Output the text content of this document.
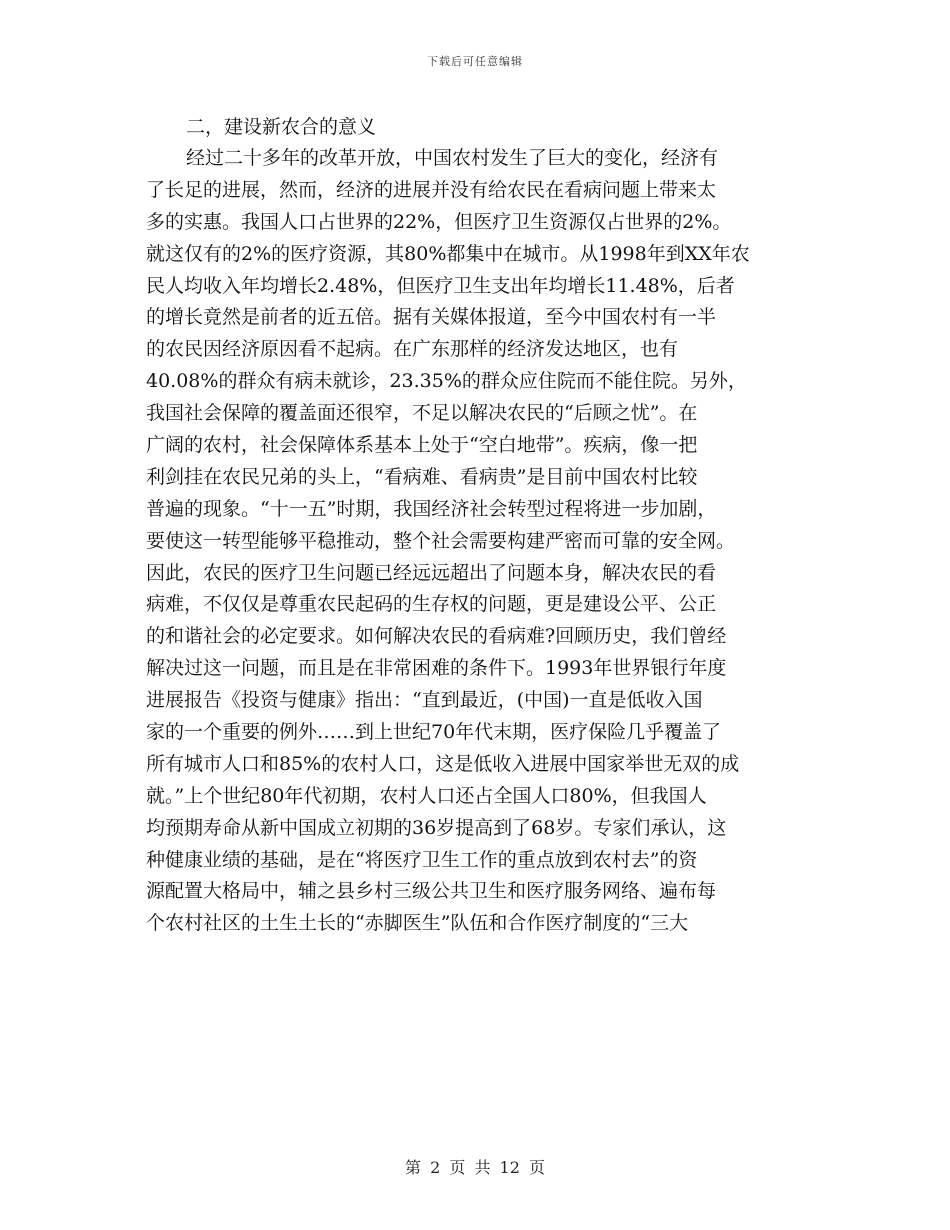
下载后可任意编辑
二，建设新农合的意义
经过二十多年的改革开放，中国农村发生了巨大的变化，经济有
了长足的进展，然而，经济的进展并没有给农民在看病问题上带来太
多的实惠。我国人口占世界的22%，但医疗卫生资源仅占世界的2%。
就这仅有的2%的医疗资源，其80%都集中在城市。从1998年到XX年农
民人均收入年均增长2.48%，但医疗卫生支出年均增长11.48%，后者
的增长竟然是前者的近五倍。据有关媒体报道，至今中国农村有一半
的农民因经济原因看不起病。在广东那样的经济发达地区，也有
40.08%的群众有病未就诊，23.35%的群众应住院而不能住院。另外，
我国社会保障的覆盖面还很窄，不足以解决农民的“后顾之忧”。在
广阔的农村，社会保障体系基本上处于“空白地带”。疾病，像一把
利剑挂在农民兄弟的头上，“看病难、看病贵”是目前中国农村比较
普遍的现象。“十一五”时期，我国经济社会转型过程将进一步加剧，
要使这一转型能够平稳推动，整个社会需要构建严密而可靠的安全网。
因此，农民的医疗卫生问题已经远远超出了问题本身，解决农民的看
病难，不仅仅是尊重农民起码的生存权的问题，更是建设公平、公正
的和谐社会的必定要求。如何解决农民的看病难?回顾历史，我们曾经
解决过这一问题，而且是在非常困难的条件下。1993年世界银行年度
进展报告《投资与健康》指出：“直到最近，(中国)一直是低收入国
家的一个重要的例外……到上世纪70年代末期，医疗保险几乎覆盖了
所有城市人口和85%的农村人口，这是低收入进展中国家举世无双的成
就。”上个世纪80年代初期，农村人口还占全国人口80%，但我国人
均预期寿命从新中国成立初期的36岁提高到了68岁。专家们承认，这
种健康业绩的基础，是在“将医疗卫生工作的重点放到农村去”的资
源配置大格局中，辅之县乡村三级公共卫生和医疗服务网络、遍布每
个农村社区的土生土长的“赤脚医生”队伍和合作医疗制度的“三大
第 2 页 共 12 页
